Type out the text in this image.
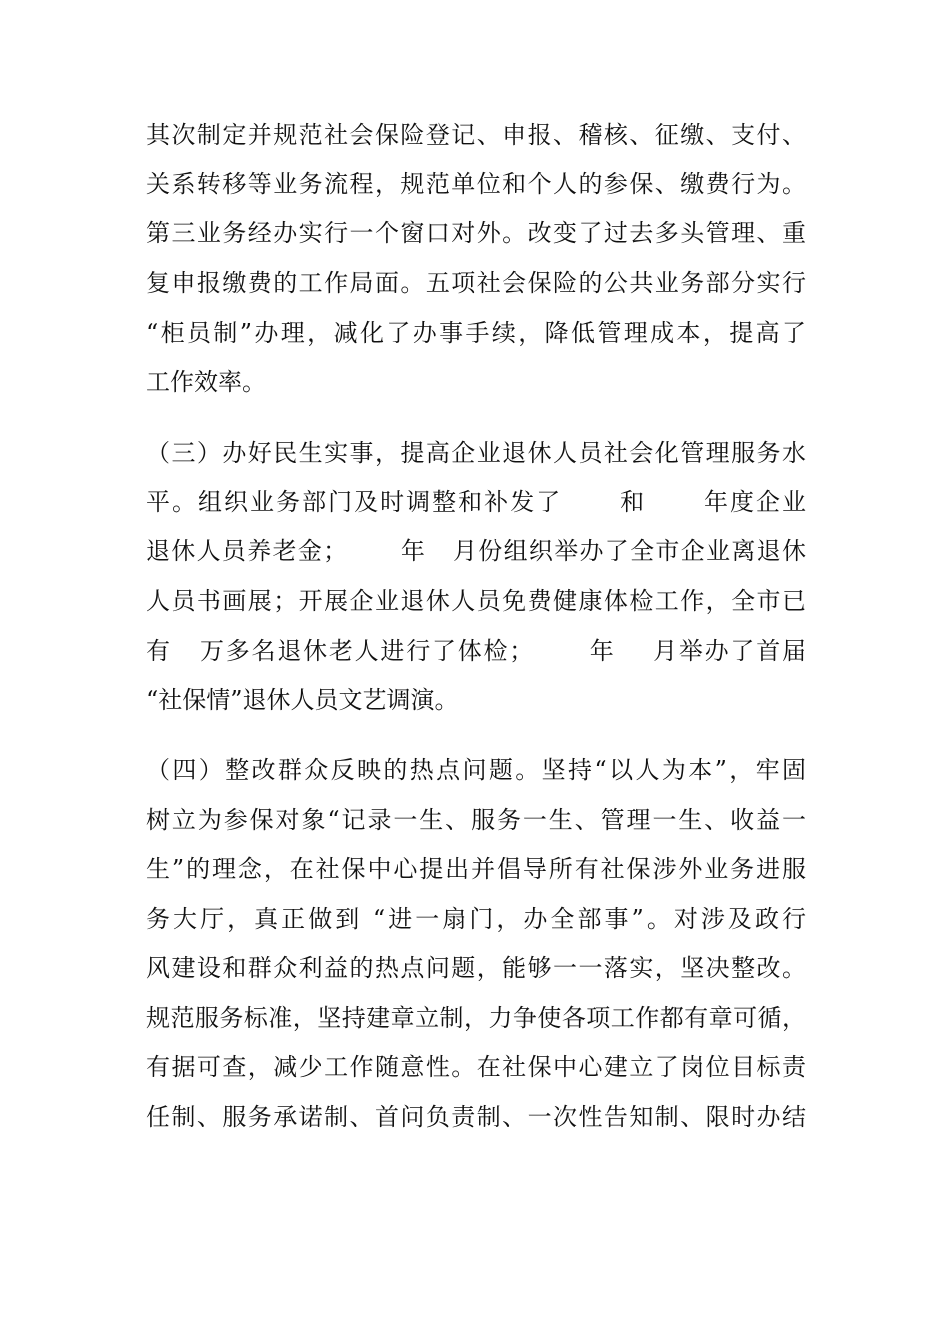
其次制定并规范社会保险登记、申报、稽核、征缴、支付、
关系转移等业务流程，规范单位和个人的参保、缴费行为。
第三业务经办实行一个窗口对外。改变了过去多头管理、重
复申报缴费的工作局面。五项社会保险的公共业务部分实行
“柜员制”办理，减化了办事手续，降低管理成本，提高了
工作效率。
（三）办好民生实事，提高企业退休人员社会化管理服务水
平。组织业务部门及时调整和补发了      和      年度企业
退休人员养老金；      年   月份组织举办了全市企业离退休
人员书画展；开展企业退休人员免费健康体检工作，全市已
有   万多名退休老人进行了体检；      年    月举办了首届
“社保情”退休人员文艺调演。
（四）整改群众反映的热点问题。坚持“以人为本”，牢固
树立为参保对象“记录一生、服务一生、管理一生、收益一
生”的理念，在社保中心提出并倡导所有社保涉外业务进服
务大厅，真正做到 “进一扇门，办全部事”。对涉及政行
风建设和群众利益的热点问题，能够一一落实，坚决整改。
规范服务标准，坚持建章立制，力争使各项工作都有章可循，
有据可查，减少工作随意性。在社保中心建立了岗位目标责
任制、服务承诺制、首问负责制、一次性告知制、限时办结
